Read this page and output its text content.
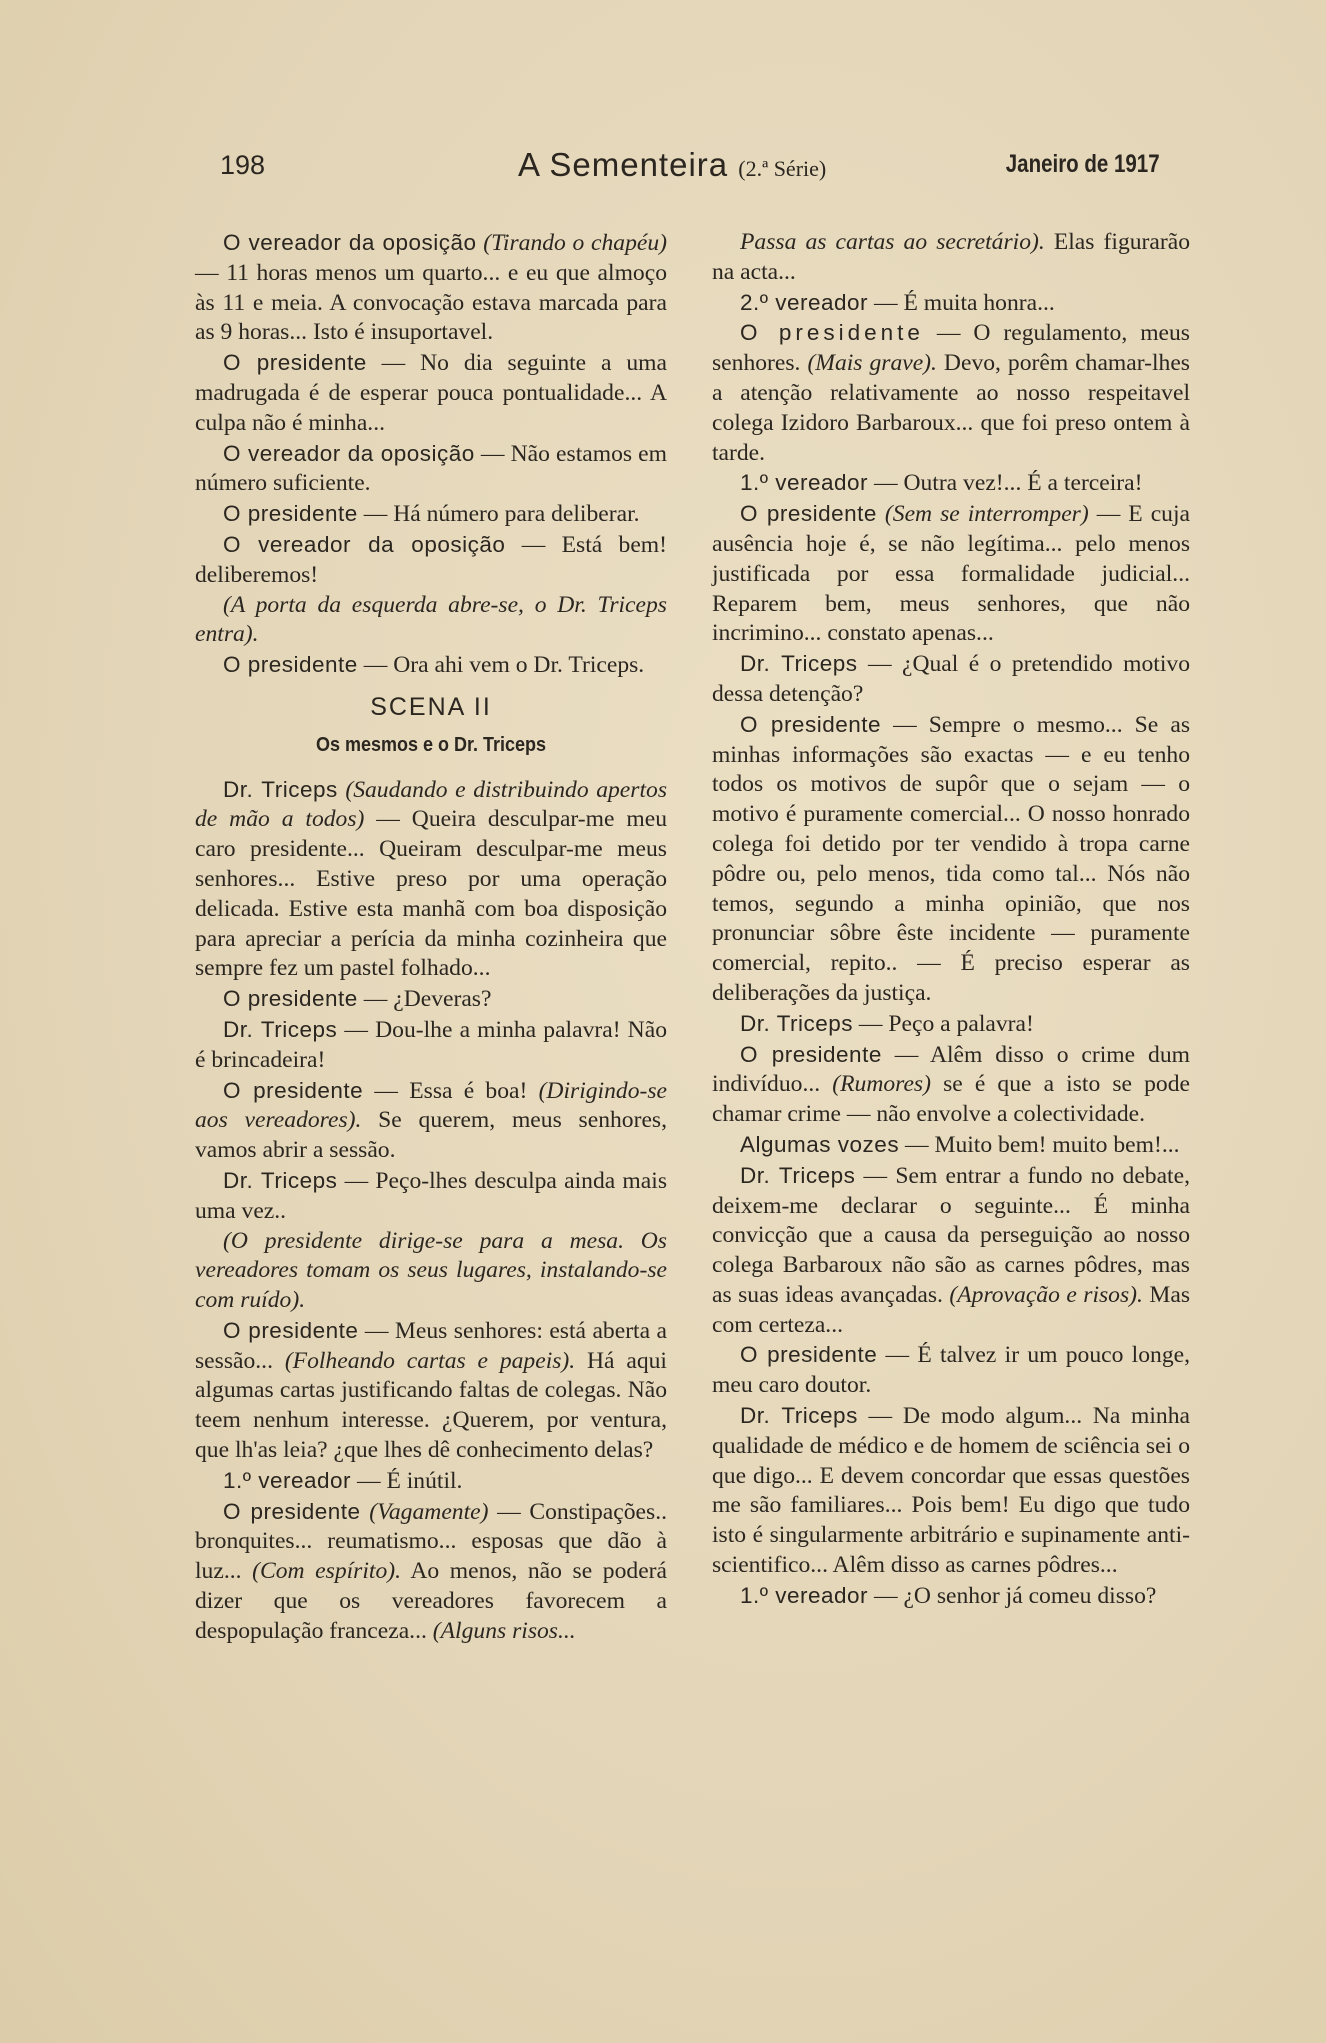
198	A Sementeira (2.ª Série)	Janeiro de 1917

O vereador da oposição (Tirando o chapéu) — 11 horas menos um quarto... e eu que almoço às 11 e meia. A convocação estava marcada para as 9 horas... Isto é insuportavel.

O presidente — No dia seguinte a uma madrugada é de esperar pouca pontualidade... A culpa não é minha...

O vereador da oposição — Não estamos em número suficiente.

O presidente — Há número para deliberar.

O vereador da oposição — Está bem! deliberemos!

(A porta da esquerda abre-se, o Dr. Triceps entra).

O presidente — Ora ahi vem o Dr. Triceps.

SCENA II

Os mesmos e o Dr. Triceps

Dr. Triceps (Saudando e distribuindo apertos de mão a todos) — Queira desculpar-me meu caro presidente... Queiram desculpar-me meus senhores... Estive preso por uma operação delicada. Estive esta manhã com boa disposição para apreciar a perícia da minha cozinheira que sempre fez um pastel folhado...

O presidente — ¿Deveras?

Dr. Triceps — Dou-lhe a minha palavra! Não é brincadeira!

O presidente — Essa é boa! (Dirigindo-se aos vereadores). Se querem, meus senhores, vamos abrir a sessão.

Dr. Triceps — Peço-lhes desculpa ainda mais uma vez..

(O presidente dirige-se para a mesa. Os vereadores tomam os seus lugares, instalando-se com ruído).

O presidente — Meus senhores: está aberta a sessão... (Folheando cartas e papeis). Há aqui algumas cartas justificando faltas de colegas. Não teem nenhum interesse. ¿Querem, por ventura, que lh'as leia? ¿que lhes dê conhecimento delas?

1.º vereador — É inútil.

O presidente (Vagamente) — Constipações.. bronquites... reumatismo... esposas que dão à luz... (Com espírito). Ao menos, não se poderá dizer que os vereadores favorecem a despopulação franceza... (Alguns risos...

Passa as cartas ao secretário). Elas figurarão na acta...

2.º vereador — É muita honra...

O presidente — O regulamento, meus senhores. (Mais grave). Devo, porêm chamar-lhes a atenção relativamente ao nosso respeitavel colega Izidoro Barbaroux... que foi preso ontem à tarde.

1.º vereador — Outra vez!... É a terceira!

O presidente (Sem se interromper) — E cuja ausência hoje é, se não legítima... pelo menos justificada por essa formalidade judicial... Reparem bem, meus senhores, que não incrimino... constato apenas...

Dr. Triceps — ¿Qual é o pretendido motivo dessa detenção?

O presidente — Sempre o mesmo... Se as minhas informações são exactas — e eu tenho todos os motivos de supôr que o sejam — o motivo é puramente comercial... O nosso honrado colega foi detido por ter vendido à tropa carne pôdre ou, pelo menos, tida como tal... Nós não temos, segundo a minha opinião, que nos pronunciar sôbre êste incidente — puramente comercial, repito.. — É preciso esperar as deliberações da justiça.

Dr. Triceps — Peço a palavra!

O presidente — Alêm disso o crime dum indivíduo... (Rumores) se é que a isto se pode chamar crime — não envolve a colectividade.

Algumas vozes — Muito bem! muito bem!...

Dr. Triceps — Sem entrar a fundo no debate, deixem-me declarar o seguinte... É minha convicção que a causa da perseguição ao nosso colega Barbaroux não são as carnes pôdres, mas as suas ideas avançadas. (Aprovação e risos). Mas com certeza...

O presidente — É talvez ir um pouco longe, meu caro doutor.

Dr. Triceps — De modo algum... Na minha qualidade de médico e de homem de sciência sei o que digo... E devem concordar que essas questões me são familiares... Pois bem! Eu digo que tudo isto é singularmente arbitrário e supinamente anti-scientifico... Alêm disso as carnes pôdres...

1.º vereador — ¿O senhor já comeu disso?
